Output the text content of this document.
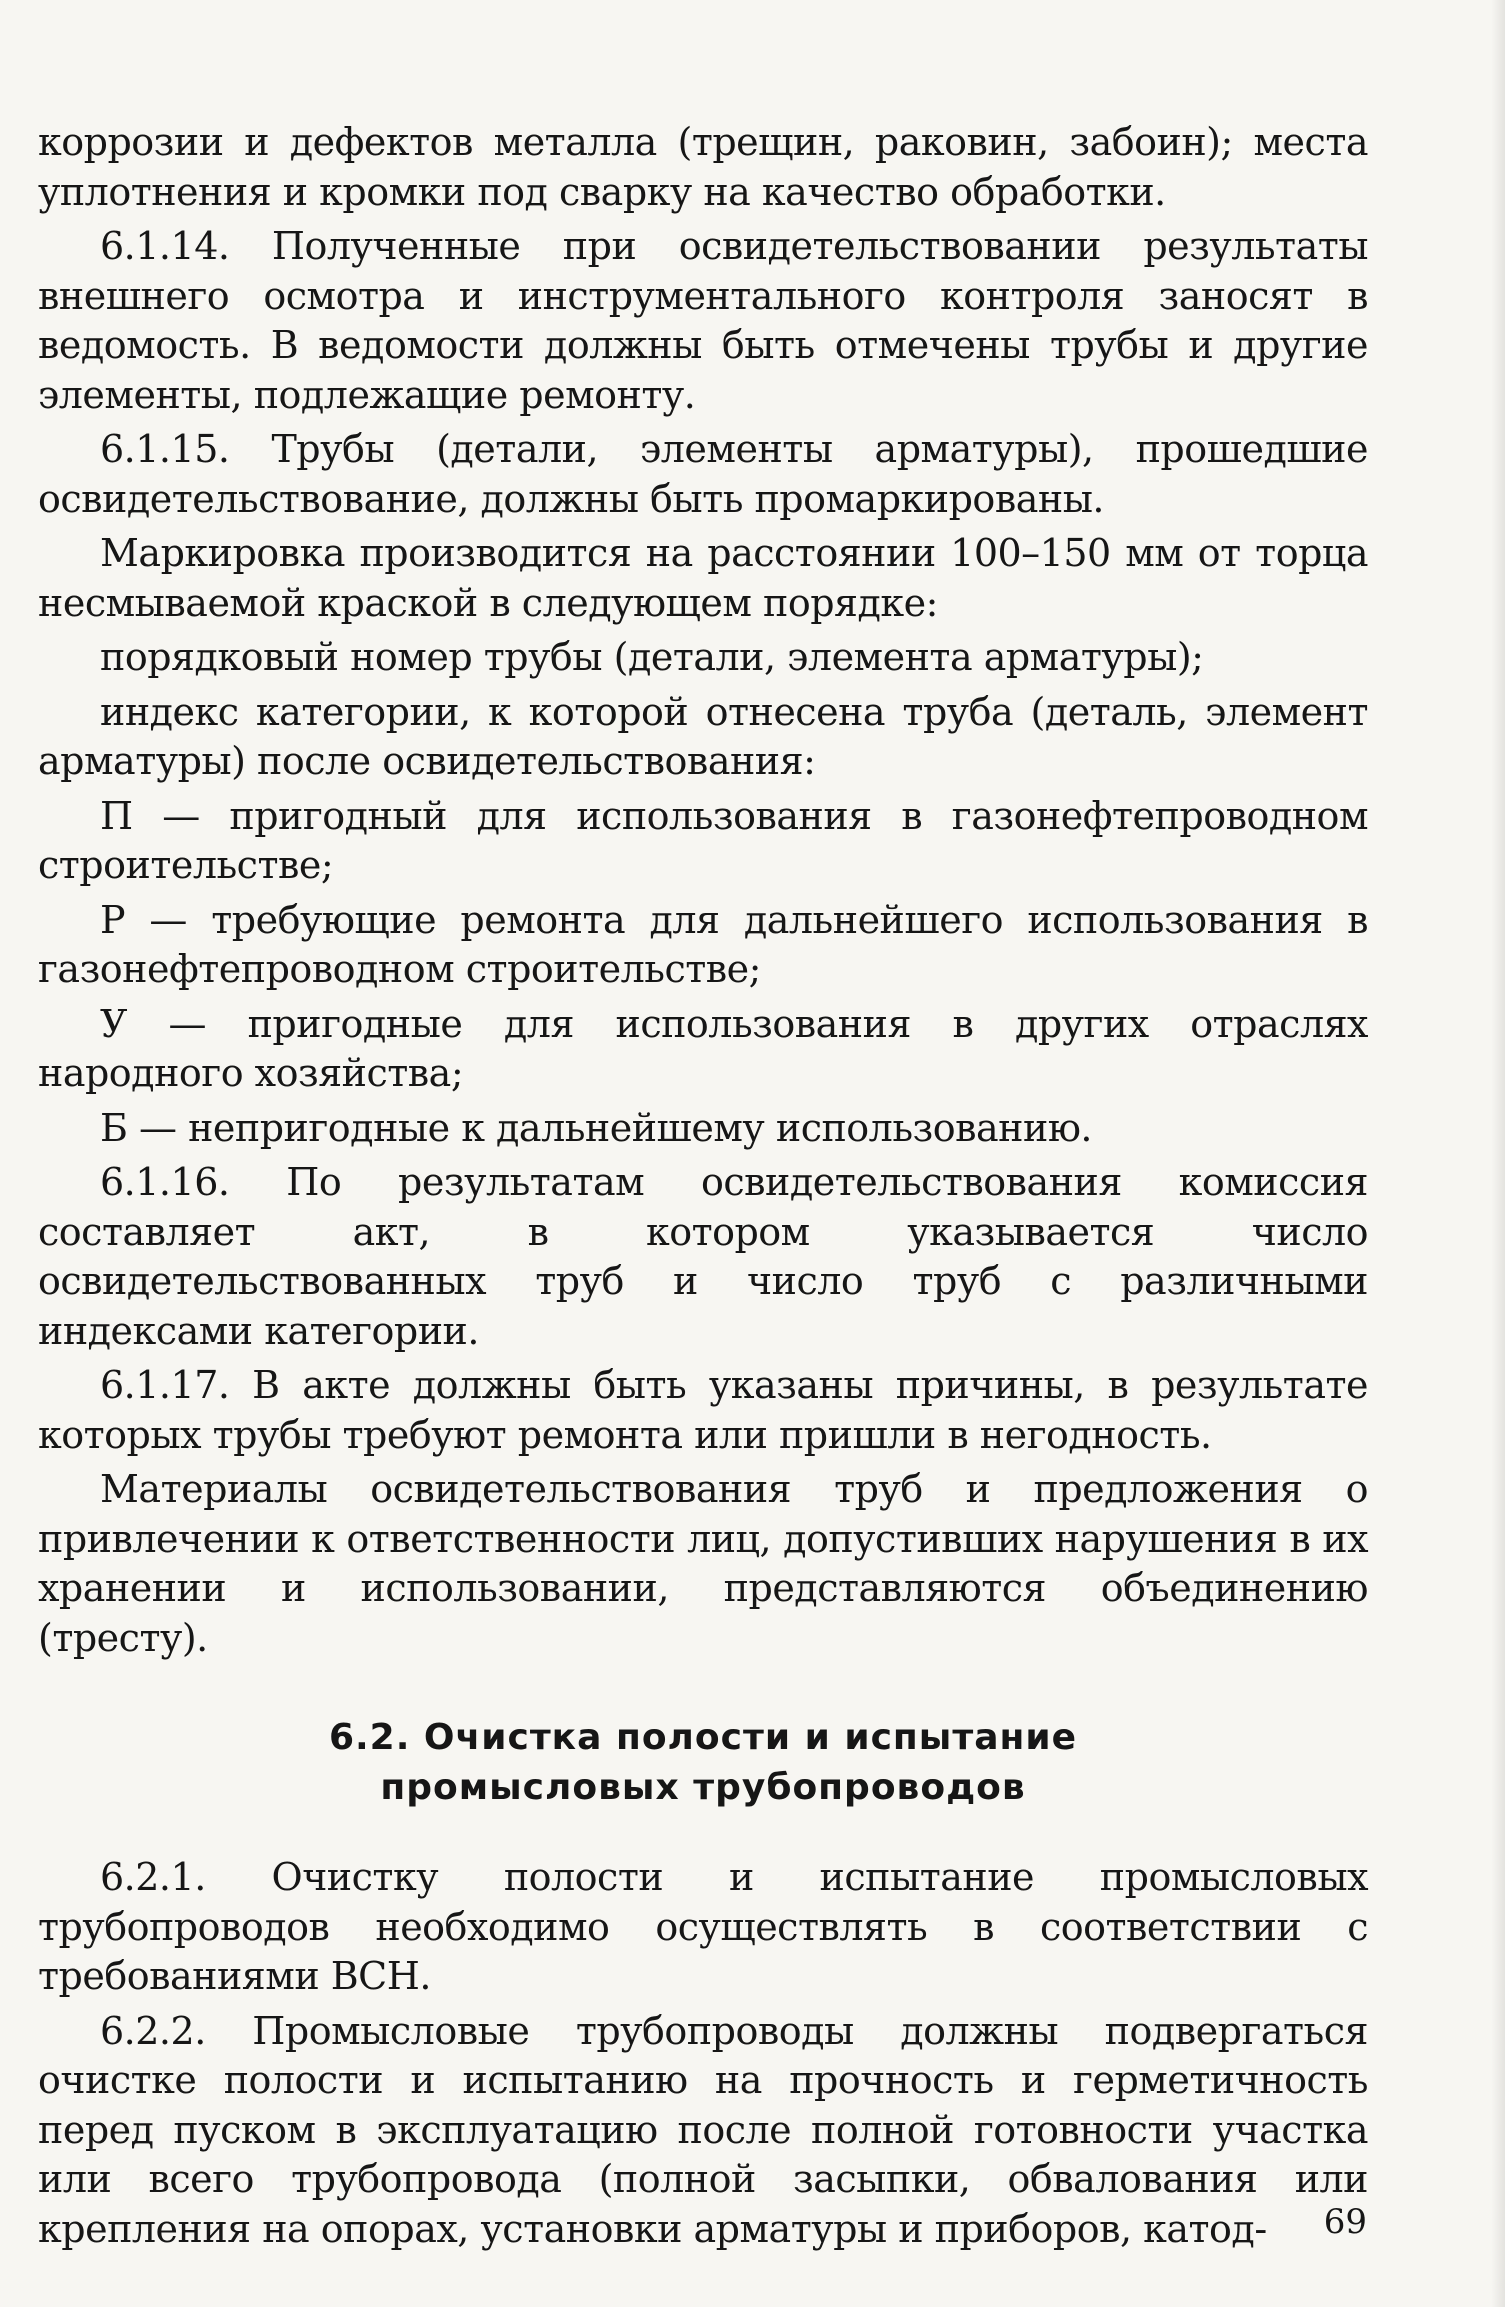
коррозии и дефектов металла (трещин, раковин, забоин); места уплотнения и кромки под сварку на качество обработки.

6.1.14. Полученные при освидетельствовании результаты внешнего осмотра и инструментального контроля заносят в ведомость. В ведомости должны быть отмечены трубы и другие элементы, подлежащие ремонту.

6.1.15. Трубы (детали, элементы арматуры), прошедшие освидетельствование, должны быть промаркированы.

Маркировка производится на расстоянии 100–150 мм от торца несмываемой краской в следующем порядке:

порядковый номер трубы (детали, элемента арматуры);

индекс категории, к которой отнесена труба (деталь, элемент арматуры) после освидетельствования:

П — пригодный для использования в газонефтепроводном строительстве;

Р — требующие ремонта для дальнейшего использования в газонефтепроводном строительстве;

У — пригодные для использования в других отраслях народного хозяйства;

Б — непригодные к дальнейшему использованию.

6.1.16. По результатам освидетельствования комиссия составляет акт, в котором указывается число освидетельствованных труб и число труб с различными индексами категории.

6.1.17. В акте должны быть указаны причины, в результате которых трубы требуют ремонта или пришли в негодность.

Материалы освидетельствования труб и предложения о привлечении к ответственности лиц, допустивших нарушения в их хранении и использовании, представляются объединению (тресту).

6.2. Очистка полости и испытание
промысловых трубопроводов

6.2.1. Очистку полости и испытание промысловых трубопроводов необходимо осуществлять в соответствии с требованиями ВСН.

6.2.2. Промысловые трубопроводы должны подвергаться очистке полости и испытанию на прочность и герметичность перед пуском в эксплуатацию после полной готовности участка или всего трубопровода (полной засыпки, обвалования или крепления на опорах, установки арматуры и приборов, катод-	69
